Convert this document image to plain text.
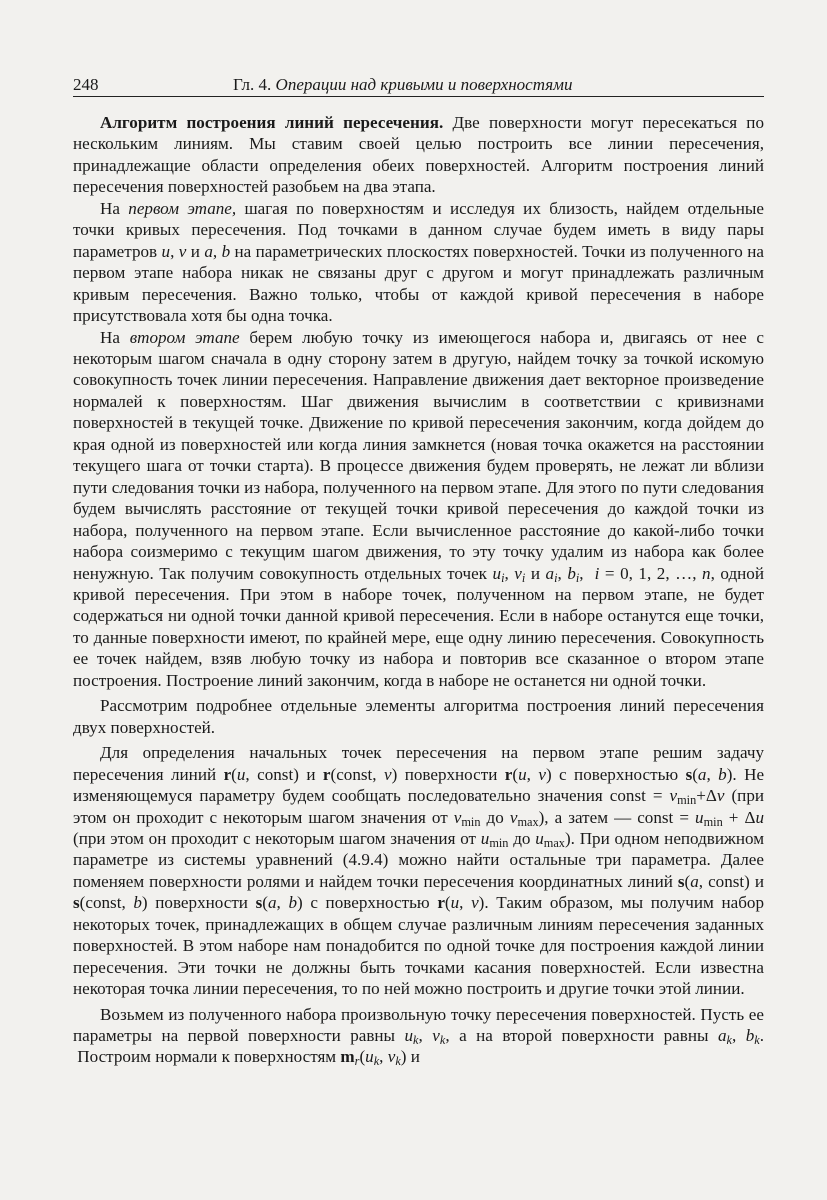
248	Гл. 4. Операции над кривыми и поверхностями

Алгоритм построения линий пересечения. Две поверхности могут пересекаться по нескольким линиям. Мы ставим своей целью построить все линии пересечения, принадлежащие области определения обеих поверхностей. Алгоритм построения линий пересечения поверхностей разобьем на два этапа.

На первом этапе, шагая по поверхностям и исследуя их близость, найдем отдельные точки кривых пересечения. Под точками в данном случае будем иметь в виду пары параметров u, v и a, b на параметрических плоскостях поверхностей. Точки из полученного на первом этапе набора никак не связаны друг с другом и могут принадлежать различным кривым пересечения. Важно только, чтобы от каждой кривой пересечения в наборе присутствовала хотя бы одна точка.

На втором этапе берем любую точку из имеющегося набора и, двигаясь от нее с некоторым шагом сначала в одну сторону затем в другую, найдем точку за точкой искомую совокупность точек линии пересечения. Направление движения дает векторное произведение нормалей к поверхностям. Шаг движения вычислим в соответствии с кривизнами поверхностей в текущей точке. Движение по кривой пересечения закончим, когда дойдем до края одной из поверхностей или когда линия замкнется (новая точка окажется на расстоянии текущего шага от точки старта). В процессе движения будем проверять, не лежат ли вблизи пути следования точки из набора, полученного на первом этапе. Для этого по пути следования будем вычислять расстояние от текущей точки кривой пересечения до каждой точки из набора, полученного на первом этапе. Если вычисленное расстояние до какой-либо точки набора соизмеримо с текущим шагом движения, то эту точку удалим из набора как более ненужную. Так получим совокупность отдельных точек $u_i$, $v_i$ и $a_i$, $b_i$,  i = 0, 1, 2, …, n, одной кривой пересечения. При этом в наборе точек, полученном на первом этапе, не будет содержаться ни одной точки данной кривой пересечения. Если в наборе останутся еще точки, то данные поверхности имеют, по крайней мере, еще одну линию пересечения. Совокупность ее точек найдем, взяв любую точку из набора и повторив все сказанное о втором этапе построения. Построение линий закончим, когда в наборе не останется ни одной точки.

Рассмотрим подробнее отдельные элементы алгоритма построения линий пересечения двух поверхностей.

Для определения начальных точек пересечения на первом этапе решим задачу пересечения линий r(u, const) и r(const, v) поверхности r(u, v) с поверхностью s(a, b). Не изменяющемуся параметру будем сообщать последовательно значения const = $v_{min}+\Delta v$ (при этом он проходит с некоторым шагом значения от $v_{min}$ до $v_{max}$), а затем — const = $u_{min} + \Delta u$ (при этом он проходит с некоторым шагом значения от $u_{min}$ до $u_{max}$). При одном неподвижном параметре из системы уравнений (4.9.4) можно найти остальные три параметра. Далее поменяем поверхности ролями и найдем точки пересечения координатных линий s(a, const) и s(const, b) поверхности s(a, b) с поверхностью r(u, v). Таким образом, мы получим набор некоторых точек, принадлежащих в общем случае различным линиям пересечения заданных поверхностей. В этом наборе нам понадобится по одной точке для построения каждой линии пересечения. Эти точки не должны быть точками касания поверхностей. Если известна некоторая точка линии пересечения, то по ней можно построить и другие точки этой линии.

Возьмем из полученного набора произвольную точку пересечения поверхностей. Пусть ее параметры на первой поверхности равны $u_k$, $v_k$, а на второй поверхности равны $a_k$, $b_k$.  Построим нормали к поверхностям $m_r(u_k$, $v_k$) и
